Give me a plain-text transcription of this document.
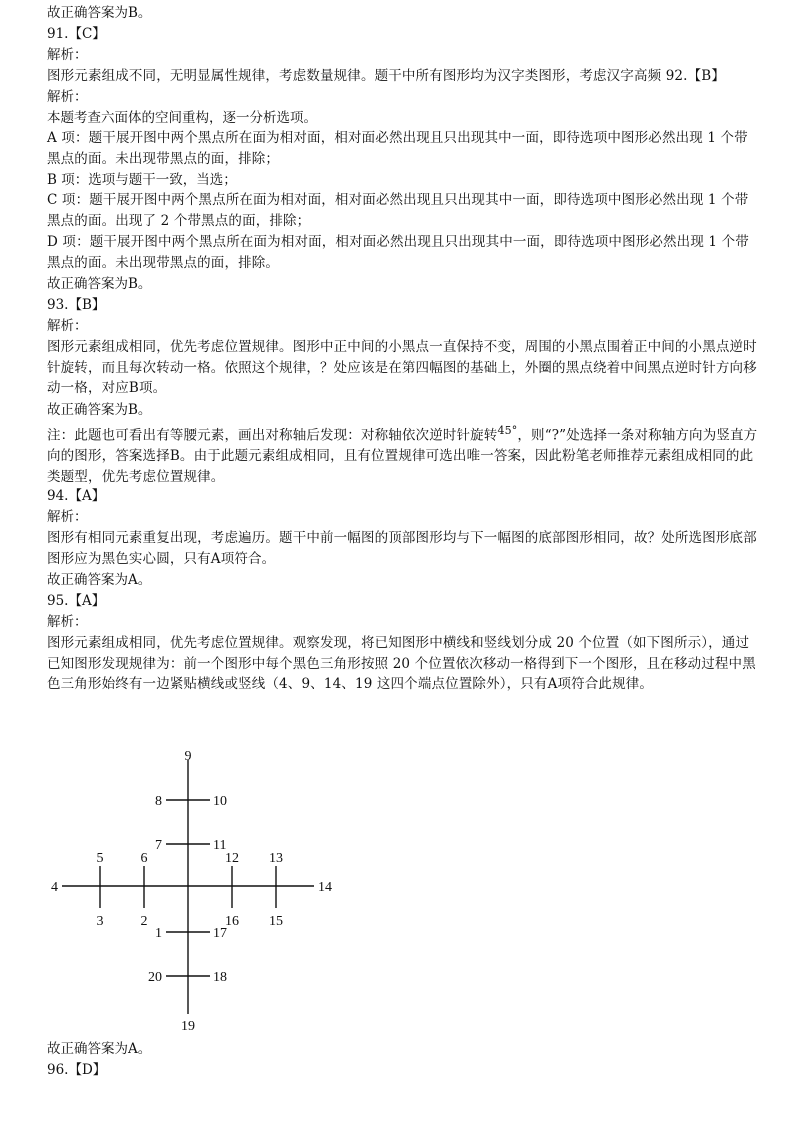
故正确答案为B。
91.【C】
解析：
图形元素组成不同，无明显属性规律，考虑数量规律。题干中所有图形均为汉字类图形，考虑汉字高频 92.【B】
解析：
本题考查六面体的空间重构，逐一分析选项。
A 项：题干展开图中两个黑点所在面为相对面，相对面必然出现且只出现其中一面，即待选项中图形必然出现 1 个带黑点的面。未出现带黑点的面，排除；
B 项：选项与题干一致，当选；
C 项：题干展开图中两个黑点所在面为相对面，相对面必然出现且只出现其中一面，即待选项中图形必然出现 1 个带黑点的面。出现了 2 个带黑点的面，排除；
D 项：题干展开图中两个黑点所在面为相对面，相对面必然出现且只出现其中一面，即待选项中图形必然出现 1 个带黑点的面。未出现带黑点的面，排除。
故正确答案为B。
93.【B】
解析：
图形元素组成相同，优先考虑位置规律。图形中正中间的小黑点一直保持不变，周围的小黑点围着正中间的小黑点逆时针旋转，而且每次转动一格。依照这个规律，？处应该是在第四幅图的基础上，外圈的黑点绕着中间黑点逆时针方向移动一格，对应B项。
故正确答案为B。
注：此题也可看出有等腰元素，画出对称轴后发现：对称轴依次逆时针旋转$^{45^\circ}$，则“?”处选择一条对称轴方向为竖直方向的图形，答案选择B。由于此题元素组成相同，且有位置规律可选出唯一答案，因此粉笔老师推荐元素组成相同的此类题型，优先考虑位置规律。
94.【A】
解析：
图形有相同元素重复出现，考虑遍历。题干中前一幅图的顶部图形均与下一幅图的底部图形相同，故？处所选图形底部图形应为黑色实心圆，只有A项符合。
故正确答案为A。
95.【A】
解析：
图形元素组成相同，优先考虑位置规律。观察发现，将已知图形中横线和竖线划分成 20 个位置（如下图所示），通过已知图形发现规律为：前一个图形中每个黑色三角形按照 20 个位置依次移动一格得到下一个图形，且在移动过程中黑色三角形始终有一边紧贴横线或竖线（4、9、14、19 这四个端点位置除外），只有A项符合此规律。
故正确答案为A。
96.【D】
9
19
4	14
8	10
7	11
1	17
20	18
5
3
6
2
12
16
13
15
